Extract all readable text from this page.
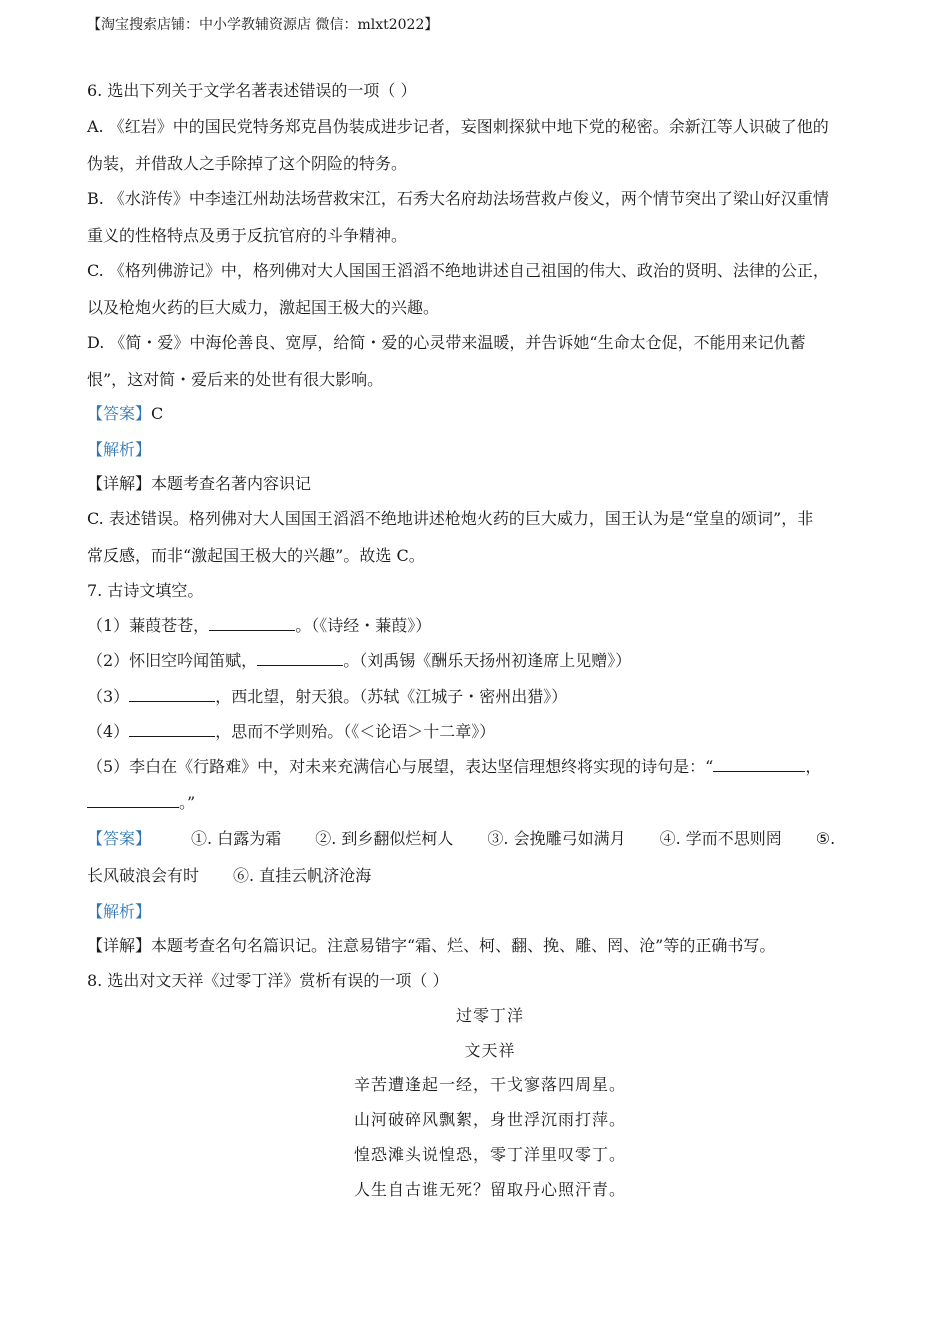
【淘宝搜索店铺：中小学教辅资源店 微信：mlxt2022】
6. 选出下列关于文学名著表述错误的一项（ ）
A. 《红岩》中的国民党特务郑克昌伪装成进步记者，妄图刺探狱中地下党的秘密。余新江等人识破了他的
伪装，并借敌人之手除掉了这个阴险的特务。
B. 《水浒传》中李逵江州劫法场营救宋江，石秀大名府劫法场营救卢俊义，两个情节突出了梁山好汉重情
重义的性格特点及勇于反抗官府的斗争精神。
C. 《格列佛游记》中，格列佛对大人国国王滔滔不绝地讲述自己祖国的伟大、政治的贤明、法律的公正，
以及枪炮火药的巨大威力，激起国王极大的兴趣。
D. 《简・爱》中海伦善良、宽厚，给简・爱的心灵带来温暖，并告诉她“生命太仓促，不能用来记仇蓄
恨”，这对简・爱后来的处世有很大影响。
【答案】C
【解析】
【详解】本题考查名著内容识记
C. 表述错误。格列佛对大人国国王滔滔不绝地讲述枪炮火药的巨大威力，国王认为是“堂皇的颂词”，非
常反感，而非“激起国王极大的兴趣”。故选 C。
7. 古诗文填空。
（1）蒹葭苍苍，	。（《诗经・蒹葭》）
（2）怀旧空吟闻笛赋，	。（刘禹锡《酬乐天扬州初逢席上见赠》）
（3）	，西北望，射天狼。（苏轼《江城子・密州出猎》）
（4）	，思而不学则殆。（《＜论语＞十二章》）
（5）李白在《行路难》中，对未来充满信心与展望，表达坚信理想终将实现的诗句是：“	，
。”
【答案】	①. 白露为霜 ②. 到乡翻似烂柯人 ③. 会挽雕弓如满月 ④. 学而不思则罔 ⑤.
长风破浪会有时 ⑥. 直挂云帆济沧海
【解析】
【详解】本题考查名句名篇识记。注意易错字“霜、烂、柯、翻、挽、雕、罔、沧”等的正确书写。
8. 选出对文天祥《过零丁洋》赏析有误的一项（ ）
过零丁洋
文天祥
辛苦遭逢起一经，干戈寥落四周星。
山河破碎风飘絮，身世浮沉雨打萍。
惶恐滩头说惶恐，零丁洋里叹零丁。
人生自古谁无死？留取丹心照汗青。
